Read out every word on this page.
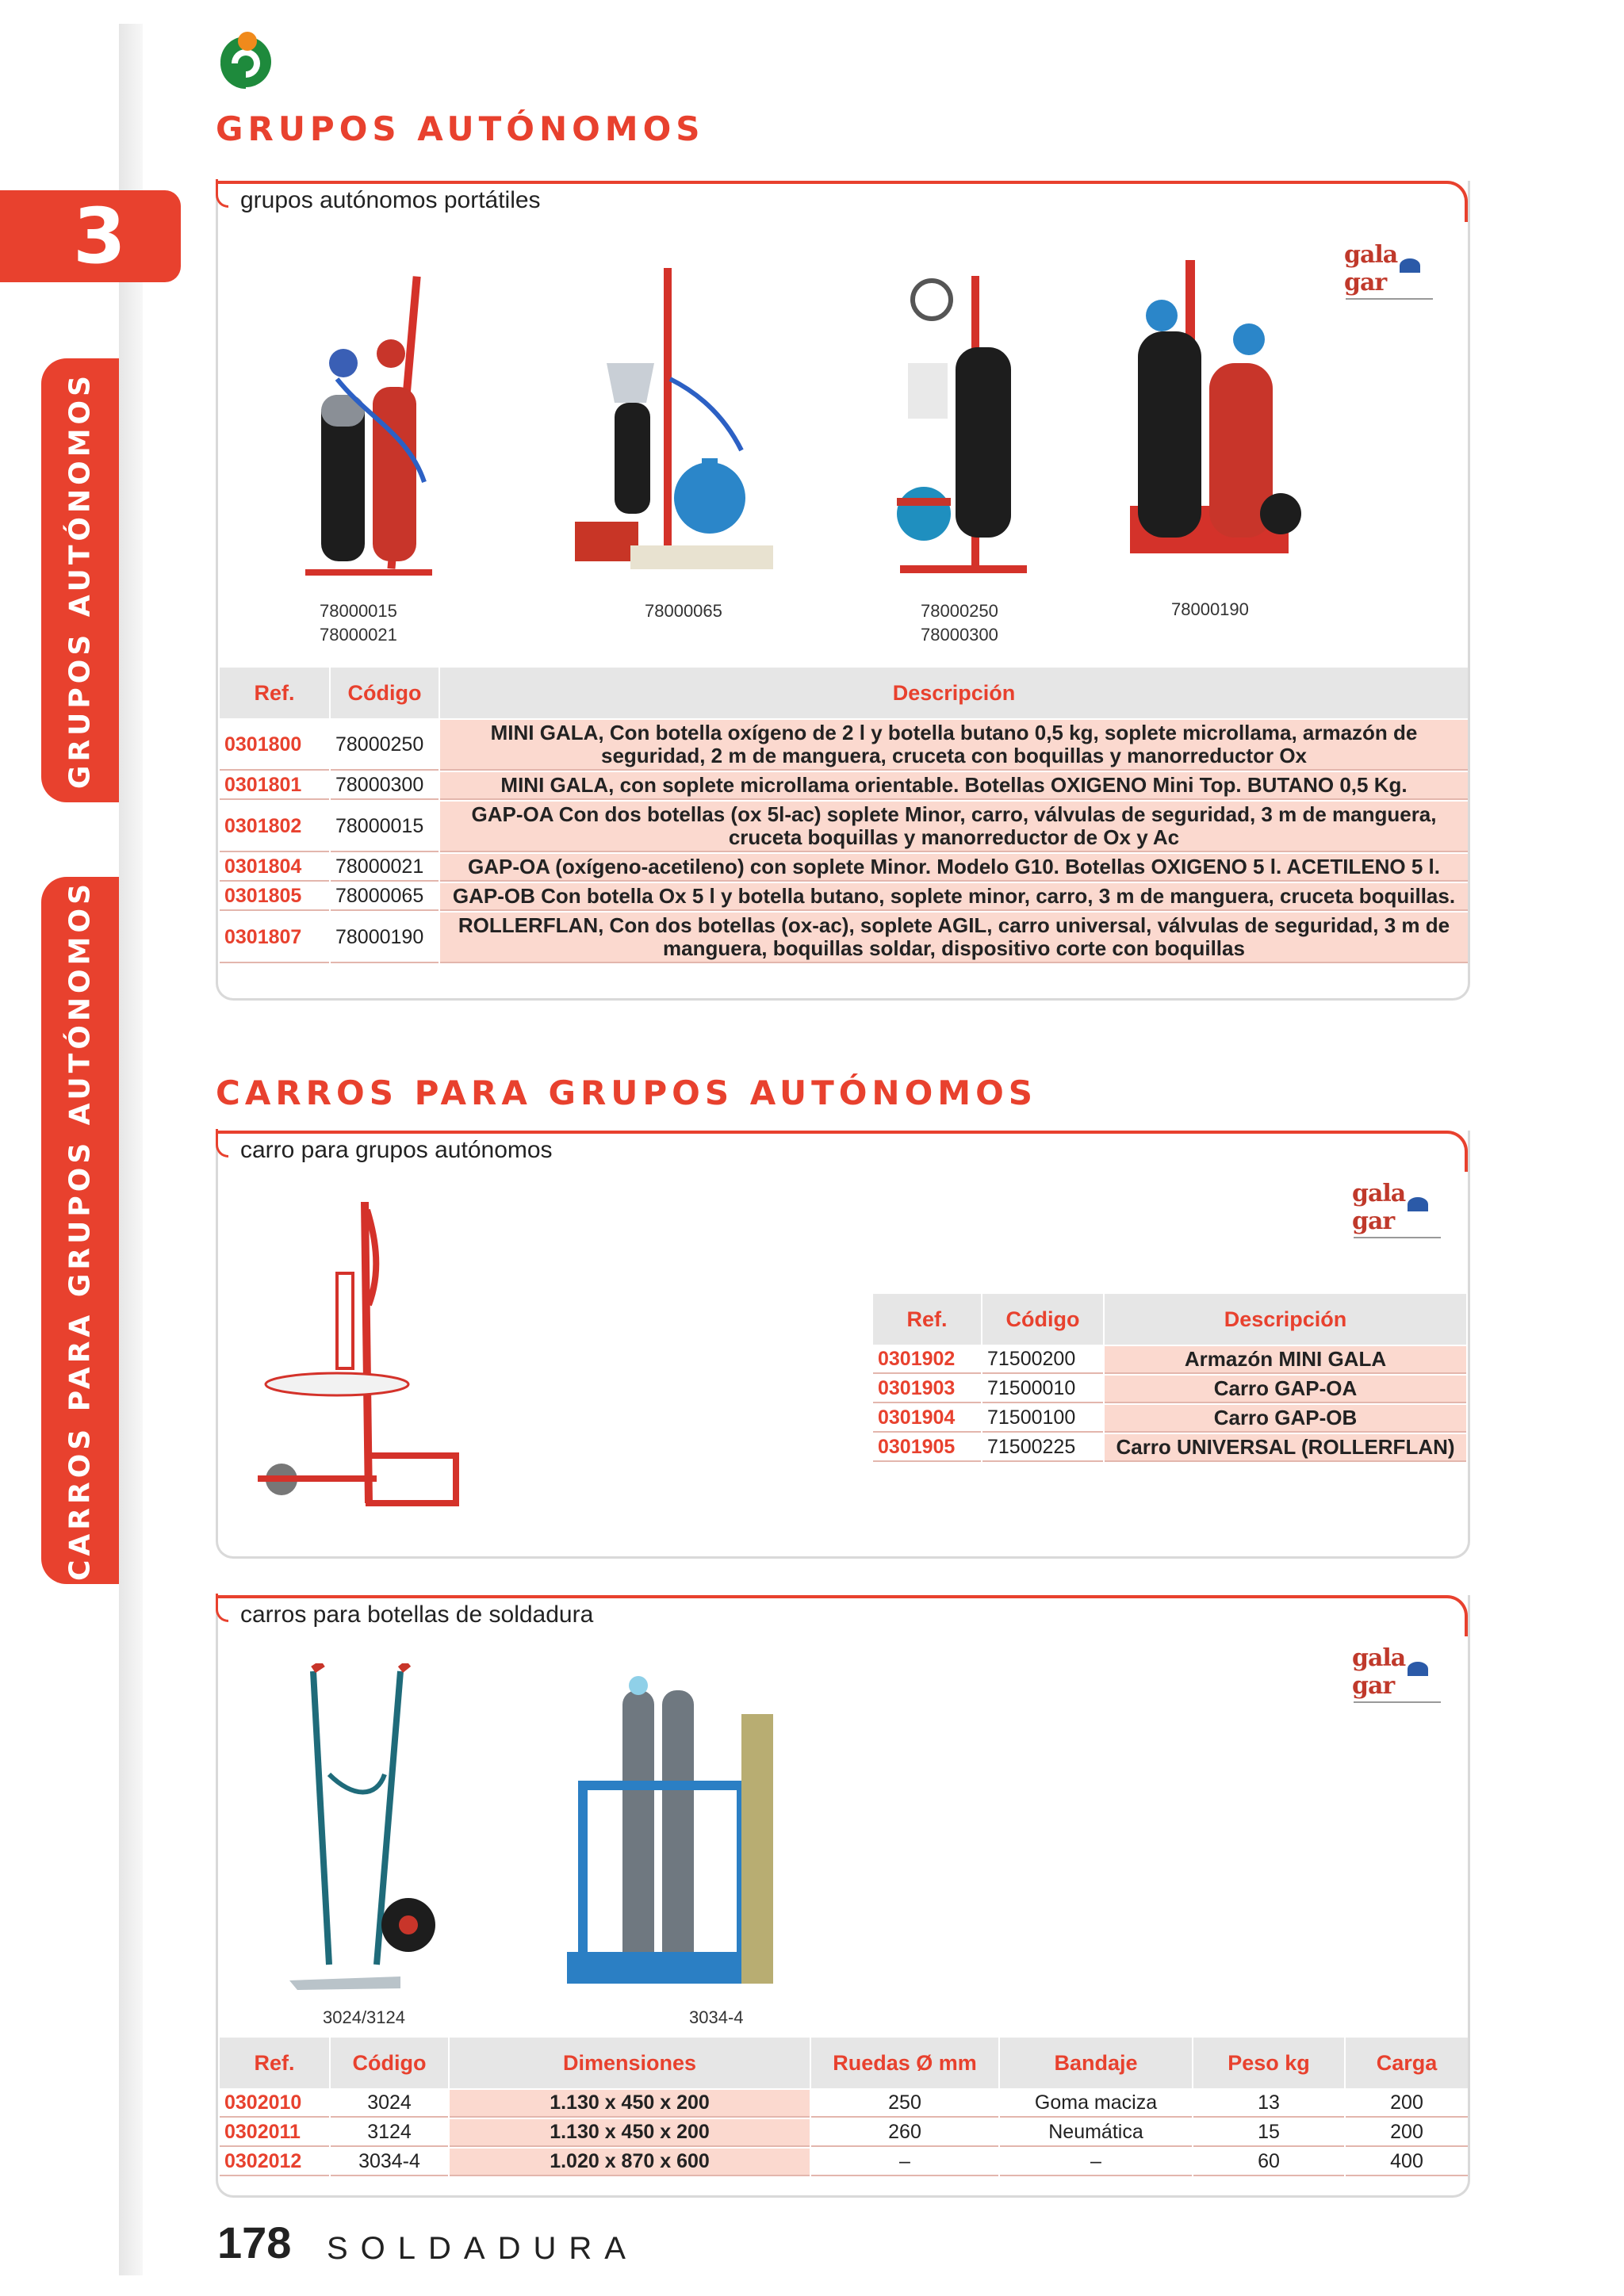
3
GRUPOS AUTÓNOMOS
CARROS PARA GRUPOS AUTÓNOMOS
GRUPOS AUTÓNOMOS
grupos autónomos portátiles
gala gar
78000015
78000021
78000065	78000250
78000300
78000190
Ref.	Código	Descripción
0301800	78000250	MINI GALA, Con botella oxígeno de 2 l y botella butano 0,5 kg, soplete microllama, armazón de seguridad, 2 m de manguera, cruceta con boquillas y manorreductor Ox
0301801	78000300	MINI GALA, con soplete microllama orientable. Botellas OXIGENO Mini Top. BUTANO 0,5 Kg.
0301802	78000015	GAP-OA Con dos botellas (ox 5l-ac) soplete Minor, carro, válvulas de seguridad, 3 m de manguera, cruceta boquillas y manorreductor de Ox y Ac
0301804	78000021	GAP-OA (oxígeno-acetileno) con soplete Minor. Modelo G10. Botellas OXIGENO 5 l. ACETILENO 5 l.
0301805	78000065	GAP-OB Con botella Ox 5 l y botella butano, soplete minor, carro, 3 m de manguera, cruceta boquillas.
0301807	78000190	ROLLERFLAN, Con dos botellas (ox-ac), soplete AGIL, carro universal, válvulas de seguridad, 3 m de manguera, boquillas soldar, dispositivo corte con boquillas
CARROS PARA GRUPOS AUTÓNOMOS
carro para grupos autónomos
gala gar
Ref.	Código	Descripción
0301902	71500200	Armazón MINI GALA
0301903	71500010	Carro GAP-OA
0301904	71500100	Carro GAP-OB
0301905	71500225	Carro UNIVERSAL (ROLLERFLAN)
carros para botellas de soldadura
gala gar
3024/3124	3034-4
Ref.	Código	Dimensiones	Ruedas Ø mm	Bandaje	Peso kg	Carga
0302010	3024	1.130 x 450 x 200	250	Goma maciza	13	200
0302011	3124	1.130 x 450 x 200	260	Neumática	15	200
0302012	3034-4	1.020 x 870 x 600	–	–	60	400
178 SOLDADURA
